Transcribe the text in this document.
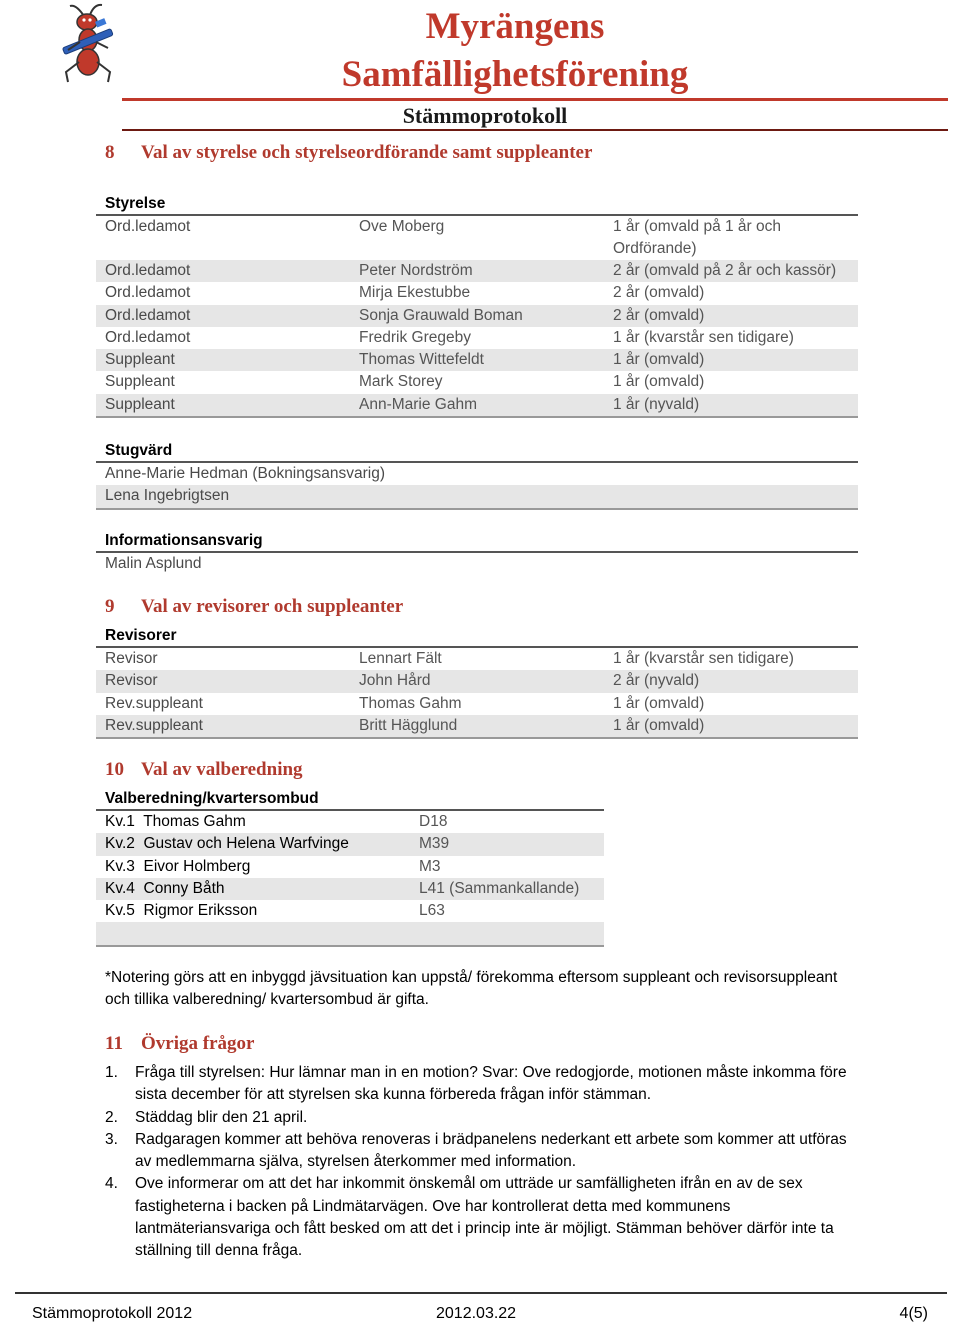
Myrängens
Samfällighetsförening
Stämmoprotokoll
8 Val av styrelse och styrelseordförande samt suppleanter
Styrelse
Ord.ledamot	Ove Moberg	1 år (omvald på 1 år och Ordförande)
Ord.ledamot	Peter Nordström	2 år (omvald på 2 år och kassör)
Ord.ledamot	Mirja Ekestubbe	2 år (omvald)
Ord.ledamot	Sonja Grauwald Boman	2 år (omvald)
Ord.ledamot	Fredrik Gregeby	1 år (kvarstår sen tidigare)
Suppleant	Thomas Wittefeldt	1 år (omvald)
Suppleant	Mark Storey	1 år (omvald)
Suppleant	Ann-Marie Gahm	1 år (nyvald)
Stugvärd
Anne-Marie Hedman (Bokningsansvarig)
Lena Ingebrigtsen
Informationsansvarig
Malin Asplund
9 Val av revisorer och suppleanter
Revisorer
Revisor	Lennart Fält	1 år (kvarstår sen tidigare)
Revisor	John Hård	2 år (nyvald)
Rev.suppleant	Thomas Gahm	1 år (omvald)
Rev.suppleant	Britt Hägglund	1 år (omvald)
10 Val av valberedning
Valberedning/kvartersombud
Kv.1 Thomas Gahm	D18
Kv.2 Gustav och Helena Warfvinge	M39
Kv.3 Eivor Holmberg	M3
Kv.4 Conny Båth	L41 (Sammankallande)
Kv.5 Rigmor Eriksson	L63
*Notering görs att en inbyggd jävsituation kan uppstå/ förekomma eftersom suppleant och revisorsuppleant och tillika valberedning/ kvartersombud är gifta.
11 Övriga frågor
1. Fråga till styrelsen: Hur lämnar man in en motion? Svar: Ove redogjorde, motionen måste inkomma före sista december för att styrelsen ska kunna förbereda frågan inför stämman.
2. Städdag blir den 21 april.
3. Radgaragen kommer att behöva renoveras i brädpanelens nederkant ett arbete som kommer att utföras av medlemmarna själva, styrelsen återkommer med information.
4. Ove informerar om att det har inkommit önskemål om utträde ur samfälligheten ifrån en av de sex fastigheterna i backen på Lindmätarvägen. Ove har kontrollerat detta med kommunens lantmäteriansvariga och fått besked om att det i princip inte är möjligt. Stämman behöver därför inte ta ställning till denna fråga.
Stämmoprotokoll 2012	2012.03.22	4(5)
